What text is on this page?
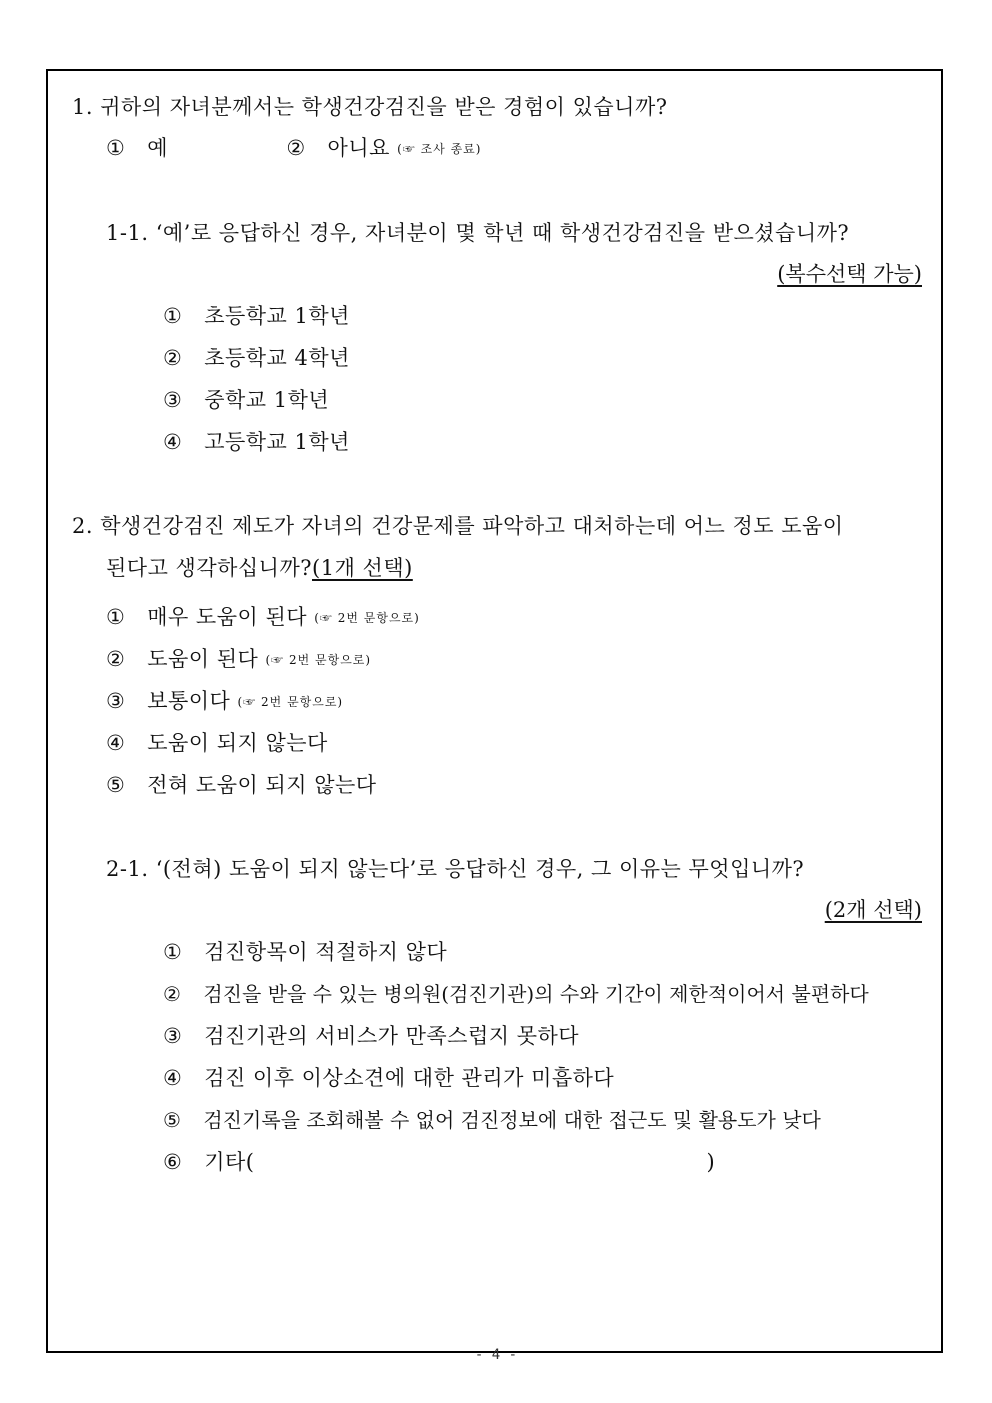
1. 귀하의 자녀분께서는 학생건강검진을 받은 경험이 있습니까?
① 예	② 아니요 (☞ 조사 종료)
1-1. ‘예’로 응답하신 경우, 자녀분이 몇 학년 때 학생건강검진을 받으셨습니까?
(복수선택 가능)
① 초등학교 1학년
② 초등학교 4학년
③ 중학교 1학년
④ 고등학교 1학년
2. 학생건강검진 제도가 자녀의 건강문제를 파악하고 대처하는데 어느 정도 도움이
된다고 생각하십니까?(1개 선택)
① 매우 도움이 된다 (☞ 2번 문항으로)
② 도움이 된다 (☞ 2번 문항으로)
③ 보통이다 (☞ 2번 문항으로)
④ 도움이 되지 않는다
⑤ 전혀 도움이 되지 않는다
2-1. ‘(전혀) 도움이 되지 않는다’로 응답하신 경우, 그 이유는 무엇입니까?
(2개 선택)
① 검진항목이 적절하지 않다
② 검진을 받을 수 있는 병의원(검진기관)의 수와 기간이 제한적이어서 불편하다
③ 검진기관의 서비스가 만족스럽지 못하다
④ 검진 이후 이상소견에 대한 관리가 미흡하다
⑤ 검진기록을 조회해볼 수 없어 검진정보에 대한 접근도 및 활용도가 낮다
⑥ 기타(	)
- 4 -
